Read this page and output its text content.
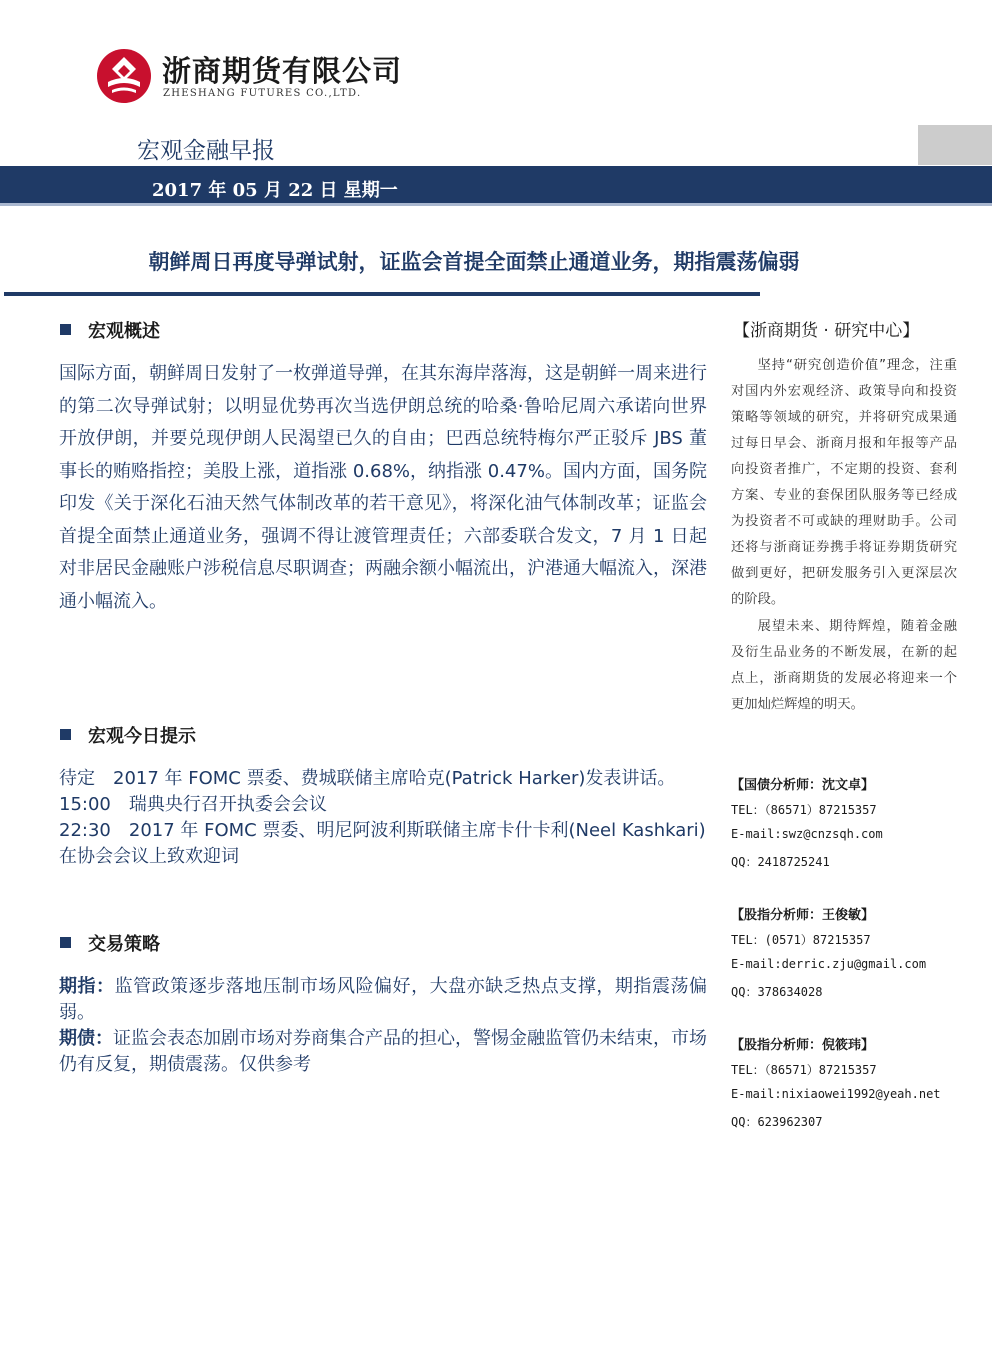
浙商期货有限公司
ZHESHANG FUTURES CO.,LTD.
宏观金融早报
2017 年 05 月 22 日 星期一
朝鲜周日再度导弹试射，证监会首提全面禁止通道业务，期指震荡偏弱
宏观概述
国际方面，朝鲜周日发射了一枚弹道导弹，在其东海岸落海，这是朝鲜一周来进行的第二次导弹试射；以明显优势再次当选伊朗总统的哈桑·鲁哈尼周六承诺向世界开放伊朗，并要兑现伊朗人民渴望已久的自由；巴西总统特梅尔严正驳斥 JBS 董事长的贿赂指控；美股上涨，道指涨 0.68%，纳指涨 0.47%。国内方面，国务院印发《关于深化石油天然气体制改革的若干意见》，将深化油气体制改革；证监会首提全面禁止通道业务，强调不得让渡管理责任；六部委联合发文，7 月 1 日起对非居民金融账户涉税信息尽职调查；两融余额小幅流出，沪港通大幅流入，深港通小幅流入。
宏观今日提示
待定　2017 年 FOMC 票委、费城联储主席哈克(Patrick Harker)发表讲话。
15:00　瑞典央行召开执委会会议
22:30　2017 年 FOMC 票委、明尼阿波利斯联储主席卡什卡利(Neel Kashkari)
在协会会议上致欢迎词
交易策略
期指：监管政策逐步落地压制市场风险偏好，大盘亦缺乏热点支撑，期指震荡偏弱。
期债：证监会表态加剧市场对券商集合产品的担心，警惕金融监管仍未结束，市场仍有反复，期债震荡。仅供参考
【浙商期货 · 研究中心】
坚持“研究创造价值”理念，注重对国内外宏观经济、政策导向和投资策略等领域的研究，并将研究成果通过每日早会、浙商月报和年报等产品向投资者推广，不定期的投资、套利方案、专业的套保团队服务等已经成为投资者不可或缺的理财助手。公司还将与浙商证券携手将证券期货研究做到更好，把研发服务引入更深层次的阶段。
展望未来、期待辉煌，随着金融及衍生品业务的不断发展，在新的起点上，浙商期货的发展必将迎来一个更加灿烂辉煌的明天。
【国债分析师：沈文卓】
TEL：（86571）87215357
E-mail:swz@cnzsqh.com
QQ：2418725241
【股指分析师：王俊敏】
TEL：(0571）87215357
E-mail:derric.zju@gmail.com
QQ：378634028
【股指分析师：倪筱玮】
TEL：（86571）87215357
E-mail:nixiaowei1992@yeah.net
QQ：623962307
